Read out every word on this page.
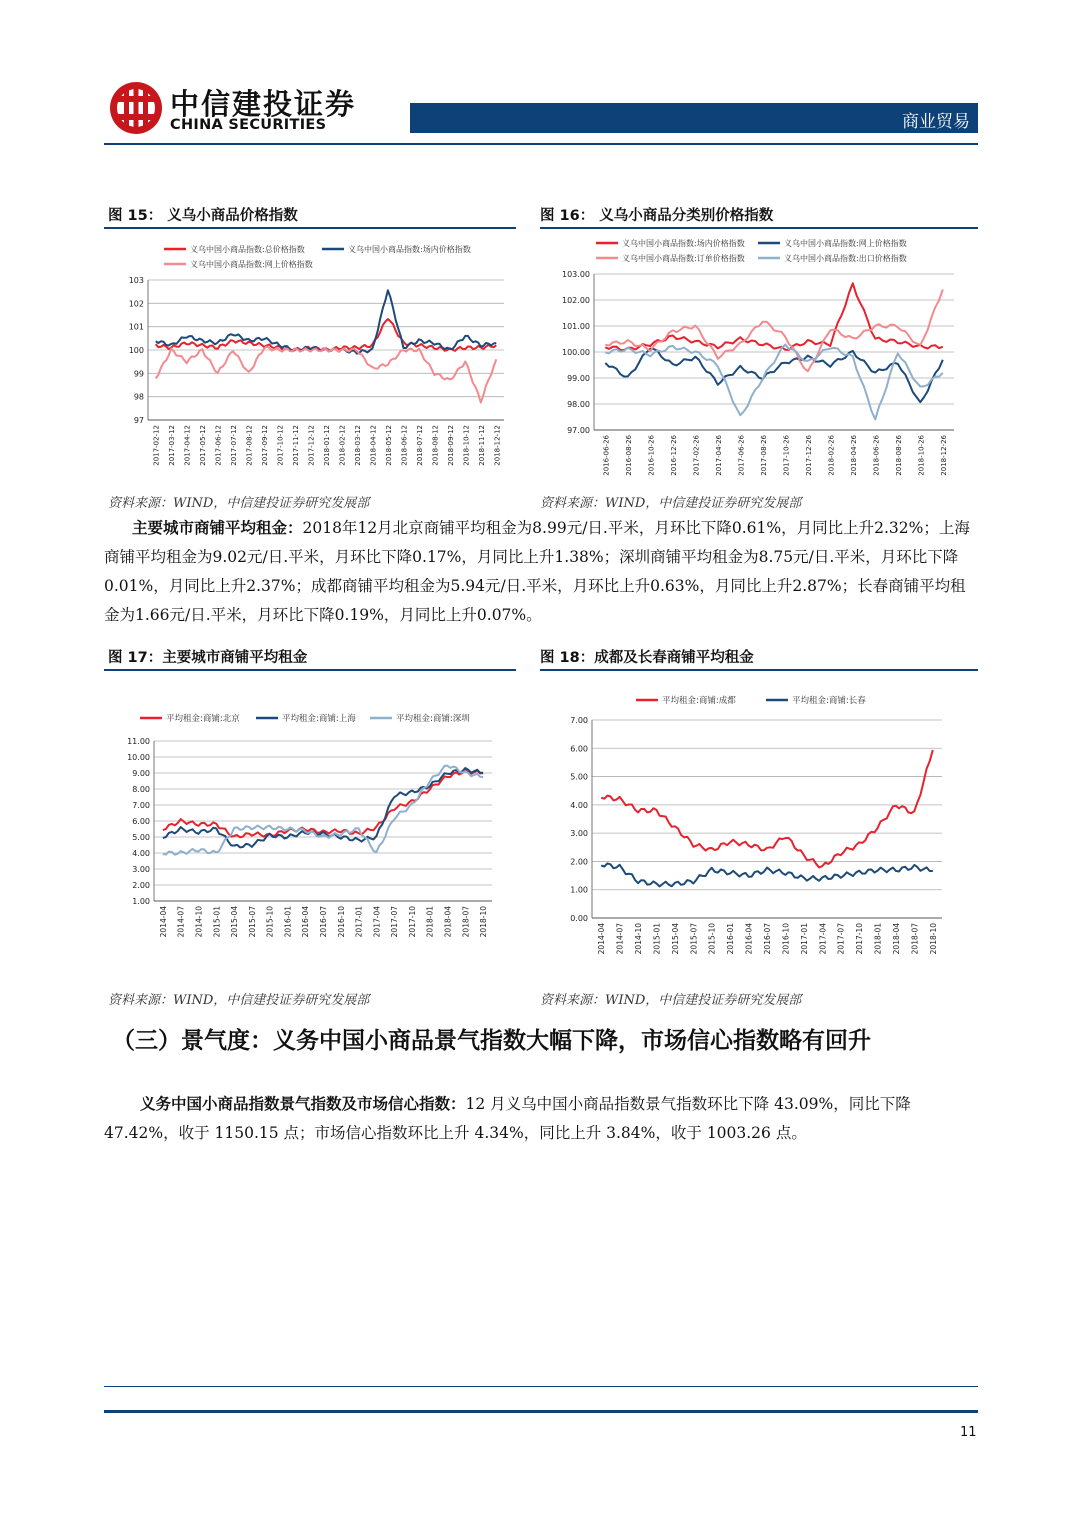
中信建投证券
CHINA SECURITIES	商业贸易
图 15： 义乌小商品价格指数	图 16： 义乌小商品分类别价格指数
义乌中国小商品指数:总价格指数	义乌中国小商品指数:场内价格指数
义乌中国小商品指数:网上价格指数
97
98
99
100
101
102
103
2017-02-12 2017-03-12 2017-04-12 2017-05-12 2017-06-12 2017-07-12 2017-08-12 2017-09-12 2017-10-12 2017-11-12 2017-12-12 2018-01-12 2018-02-12 2018-03-12 2018-04-12 2018-05-12 2018-06-12 2018-07-12 2018-08-12 2018-09-12 2018-10-12 2018-11-12 2018-12-12
义乌中国小商品指数:场内价格指数	义乌中国小商品指数:网上价格指数
义乌中国小商品指数:订单价格指数	义乌中国小商品指数:出口价格指数
97.00
98.00
99.00
100.00
101.00
102.00
103.00
2016-06-26 2016-08-26 2016-10-26 2016-12-26 2017-02-26 2017-04-26 2017-06-26 2017-08-26 2017-10-26 2017-12-26 2018-02-26 2018-04-26 2018-06-26 2018-08-26 2018-10-26 2018-12-26
资料来源：WIND，中信建投证券研究发展部	资料来源：WIND，中信建投证券研究发展部
主要城市商铺平均租金：2018年12月北京商铺平均租金为8.99元/日.平米，月环比下降0.61%，月同比上升2.32%；上海商铺平均租金为9.02元/日.平米，月环比下降0.17%，月同比上升1.38%；深圳商铺平均租金为8.75元/日.平米，月环比下降0.01%，月同比上升2.37%；成都商铺平均租金为5.94元/日.平米，月环比上升0.63%，月同比上升2.87%；长春商铺平均租金为1.66元/日.平米，月环比下降0.19%，月同比上升0.07%。
图 17：主要城市商铺平均租金	图 18：成都及长春商铺平均租金
平均租金:商铺:北京	平均租金:商铺:上海	平均租金:商铺:深圳
1.00
2.00
3.00
4.00
5.00
6.00
7.00
8.00
9.00
10.00
11.00
2014-04 2014-07 2014-10 2015-01 2015-04 2015-07 2015-10 2016-01 2016-04 2016-07 2016-10 2017-01 2017-04 2017-07 2017-10 2018-01 2018-04 2018-07 2018-10
平均租金:商铺:成都	平均租金:商铺:长春
0.00
1.00
2.00
3.00
4.00
5.00
6.00
7.00
2014-04 2014-07 2014-10 2015-01 2015-04 2015-07 2015-10 2016-01 2016-04 2016-07 2016-10 2017-01 2017-04 2017-07 2017-10 2018-01 2018-04 2018-07 2018-10
资料来源：WIND，中信建投证券研究发展部	资料来源：WIND，中信建投证券研究发展部
（三）景气度：义务中国小商品景气指数大幅下降，市场信心指数略有回升
义务中国小商品指数景气指数及市场信心指数：12 月义乌中国小商品指数景气指数环比下降 43.09%，同比下降 47.42%，收于 1150.15 点；市场信心指数环比上升 4.34%，同比上升 3.84%，收于 1003.26 点。
11
